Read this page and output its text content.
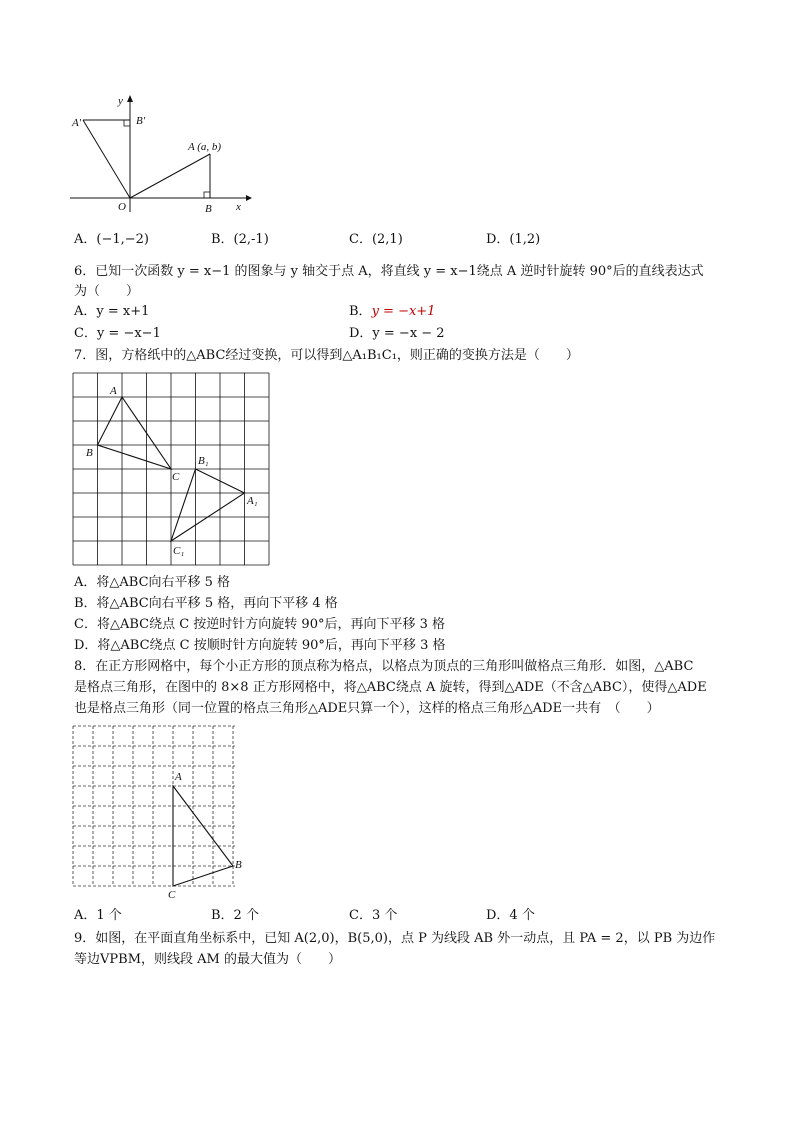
y
x
O
A'	B'
A (a, b)
B
A．(−1,−2)	B．(2,-1)	C．(2,1)	D．(1,2)
6．已知一次函数 y = x−1 的图象与 y 轴交于点 A，将直线 y = x−1绕点 A 逆时针旋转 90°后的直线表达式
为（　　）
A．y = x+1	B．y = −x+1
C．y = −x−1	D．y = −x − 2
7．图，方格纸中的△ABC经过变换，可以得到△A₁B₁C₁，则正确的变换方法是（　　）
A
B
C
B₁
A₁
C₁
A．将△ABC向右平移 5 格
B．将△ABC向右平移 5 格，再向下平移 4 格
C．将△ABC绕点 C 按逆时针方向旋转 90°后，再向下平移 3 格
D．将△ABC绕点 C 按顺时针方向旋转 90°后，再向下平移 3 格
8．在正方形网格中，每个小正方形的顶点称为格点，以格点为顶点的三角形叫做格点三角形．如图，△ABC
是格点三角形，在图中的 8×8 正方形网格中，将△ABC绕点 A 旋转，得到△ADE（不含△ABC），使得△ADE
也是格点三角形（同一位置的格点三角形△ADE只算一个），这样的格点三角形△ADE一共有　（　　）
A
B
C
A．1 个	B．2 个	C．3 个	D．4 个
9．如图，在平面直角坐标系中，已知 A(2,0)，B(5,0)，点 P 为线段 AB 外一动点，且 PA = 2，以 PB 为边作
等边VPBM，则线段 AM 的最大值为（　　）
